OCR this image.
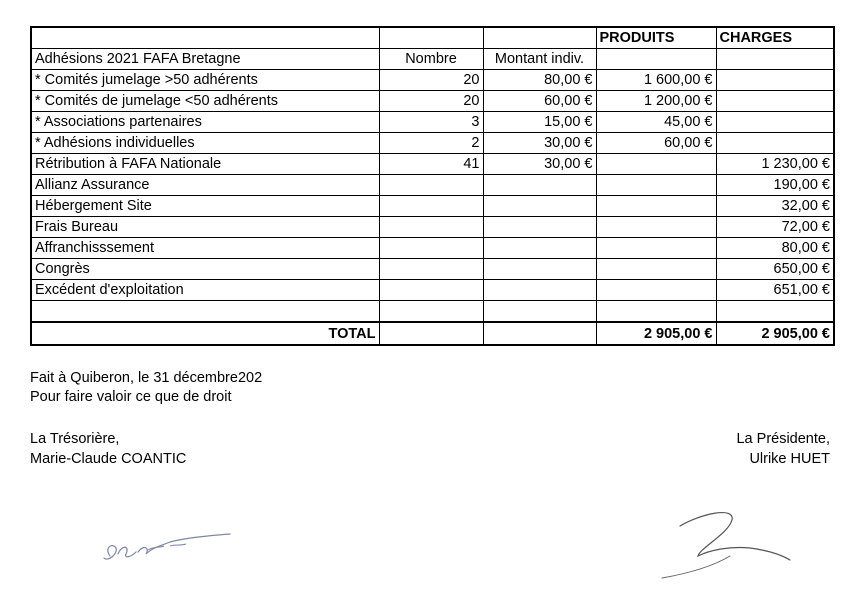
			PRODUITS	CHARGES
Adhésions 2021 FAFA Bretagne	Nombre	Montant indiv.		
* Comités jumelage >50 adhérents	20	80,00 €	1 600,00 €	
* Comités de jumelage <50 adhérents	20	60,00 €	1 200,00 €	
* Associations partenaires	3	15,00 €	45,00 €	
* Adhésions individuelles	2	30,00 €	60,00 €	
Rétribution à FAFA Nationale	41	30,00 €		1 230,00 €
Allianz Assurance				190,00 €
Hébergement Site				32,00 €
Frais Bureau				72,00 €
Affranchisssement				80,00 €
Congrès				650,00 €
Excédent d'exploitation				651,00 €

TOTAL			2 905,00 €	2 905,00 €
Fait à Quiberon, le 31 décembre202
Pour faire valoir ce que de droit
La Trésorière,
Marie-Claude COANTIC
La Présidente,
Ulrike HUET
